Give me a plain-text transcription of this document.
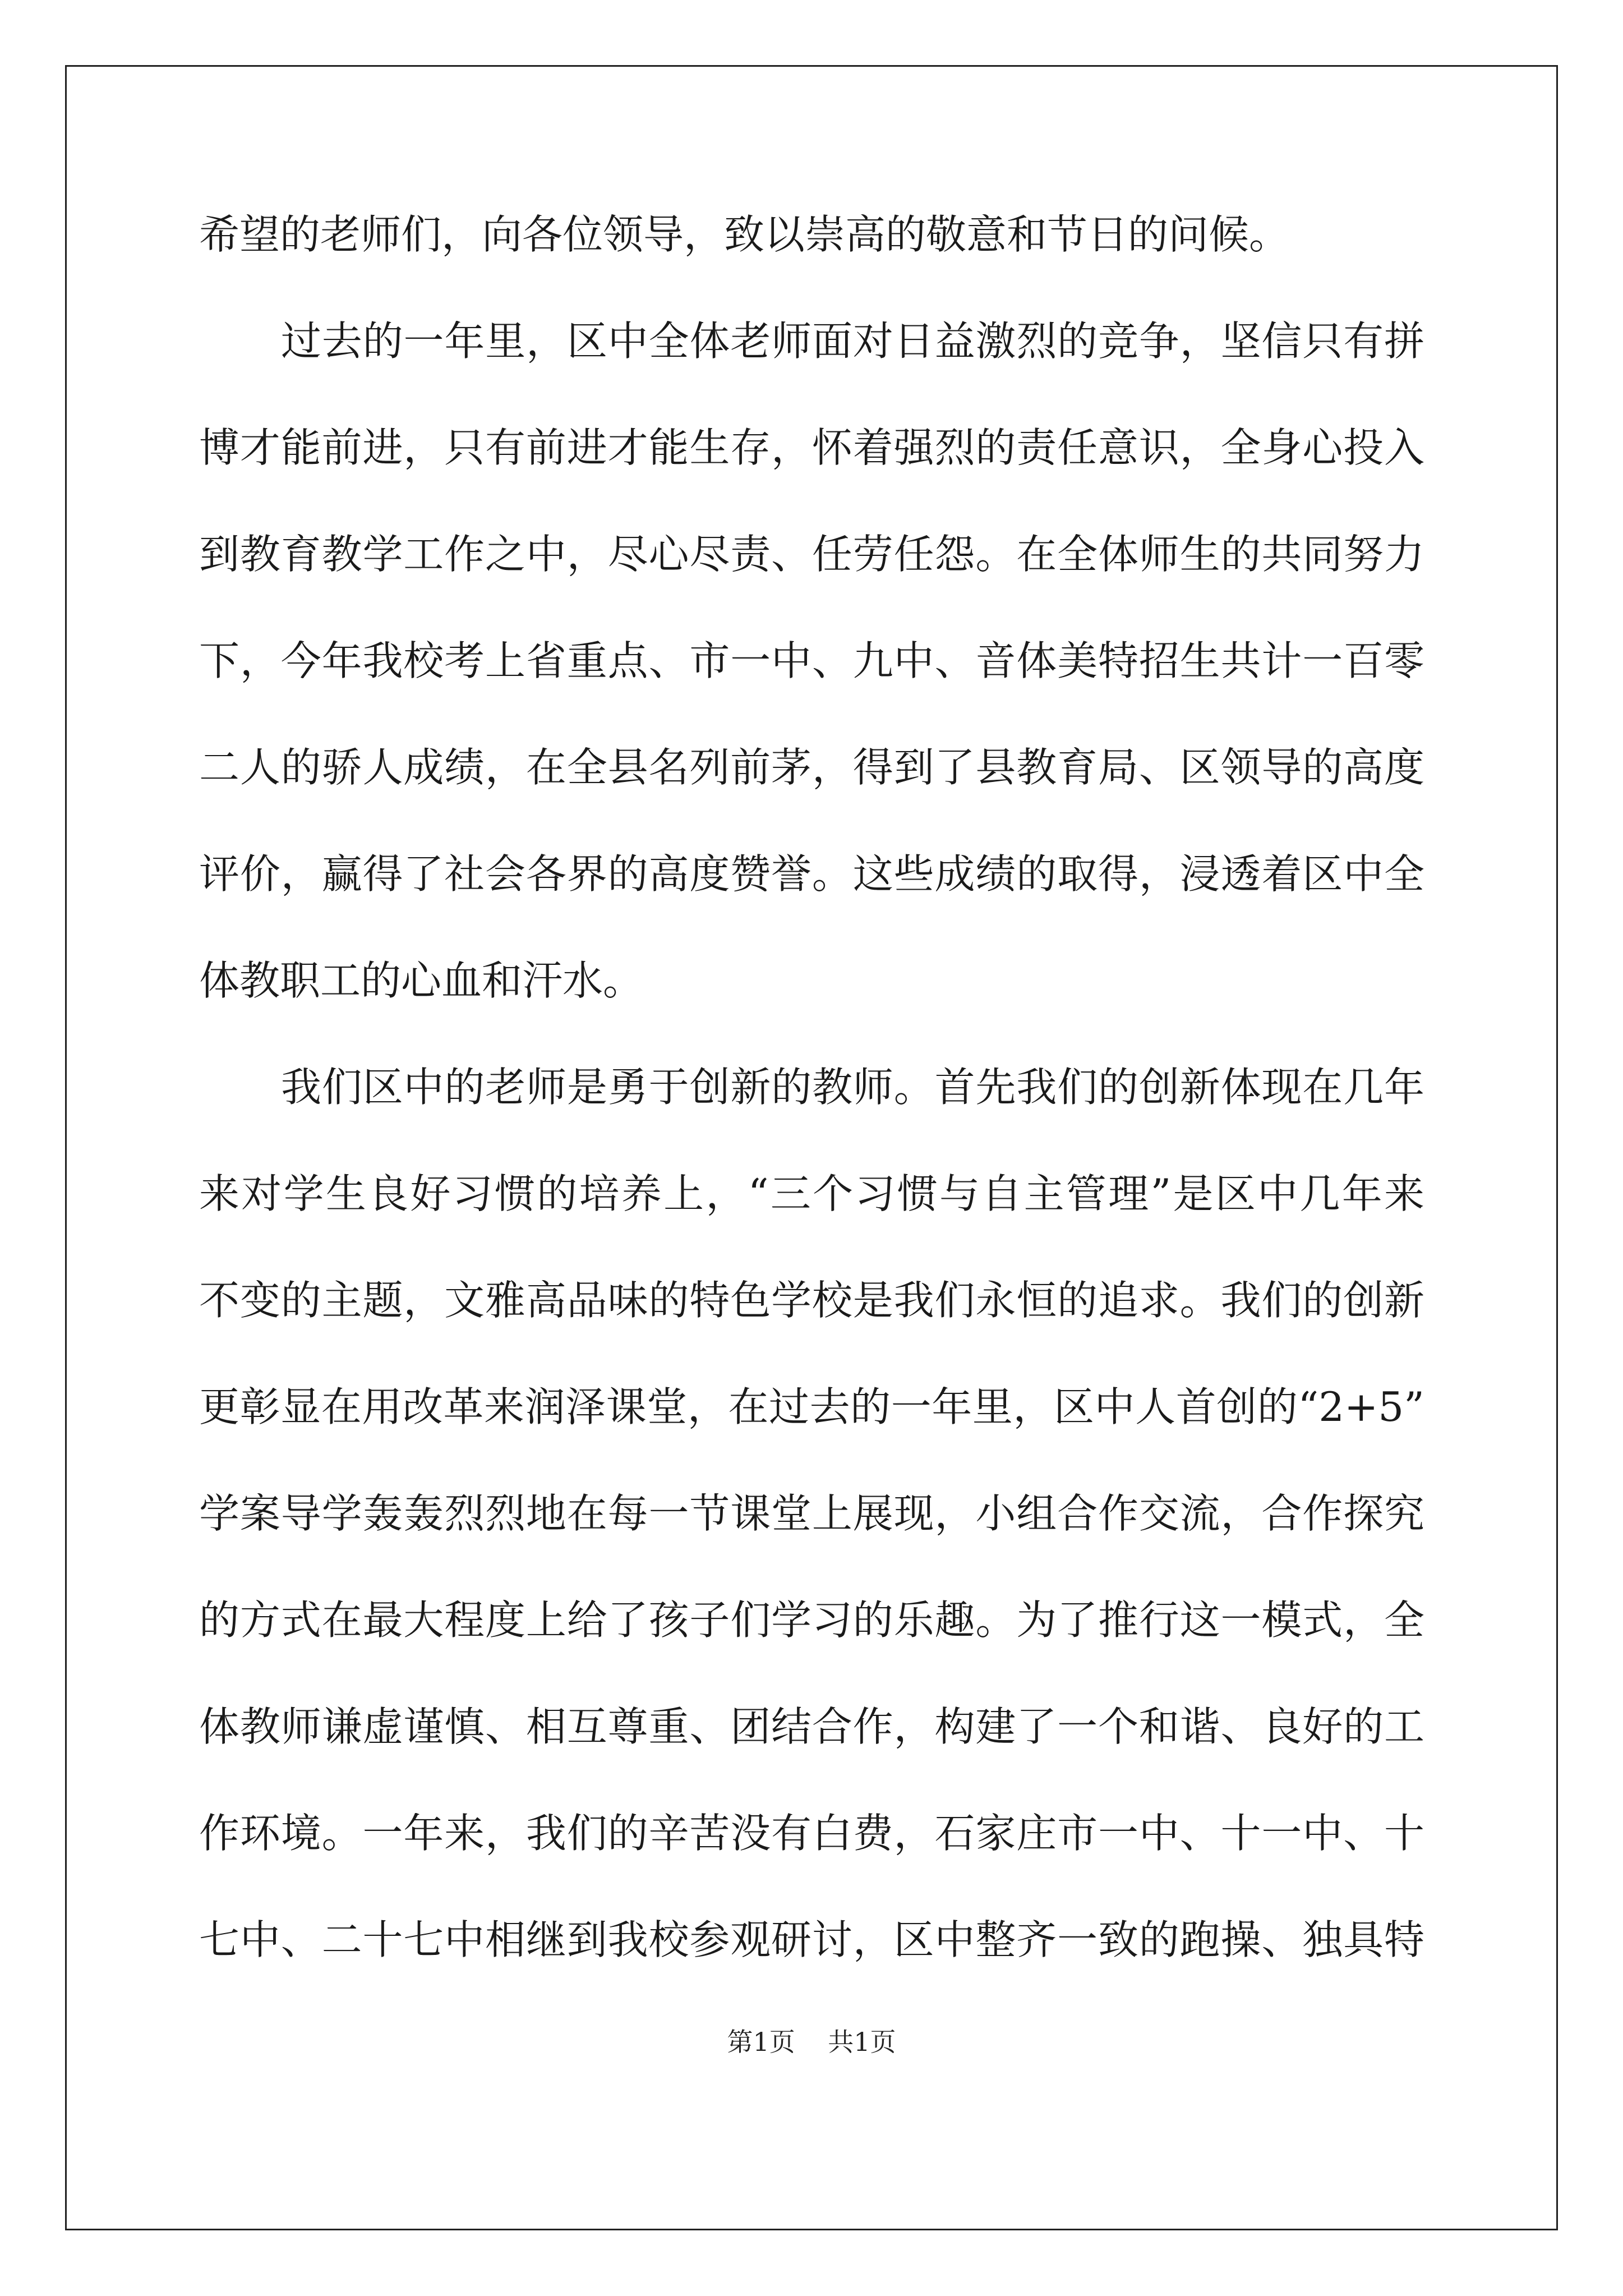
希望的老师们，向各位领导，致以崇高的敬意和节日的问候。
过去的一年里，区中全体老师面对日益激烈的竞争，坚信只有拼
博才能前进，只有前进才能生存，怀着强烈的责任意识，全身心投入
到教育教学工作之中，尽心尽责、任劳任怨。在全体师生的共同努力
下，今年我校考上省重点、市一中、九中、音体美特招生共计一百零
二人的骄人成绩，在全县名列前茅，得到了县教育局、区领导的高度
评价，赢得了社会各界的高度赞誉。这些成绩的取得，浸透着区中全
体教职工的心血和汗水。
我们区中的老师是勇于创新的教师。首先我们的创新体现在几年
来对学生良好习惯的培养上，“三个习惯与自主管理”是区中几年来
不变的主题，文雅高品味的特色学校是我们永恒的追求。我们的创新
更彰显在用改革来润泽课堂，在过去的一年里，区中人首创的“2+5”
学案导学轰轰烈烈地在每一节课堂上展现，小组合作交流，合作探究
的方式在最大程度上给了孩子们学习的乐趣。为了推行这一模式，全
体教师谦虚谨慎、相互尊重、团结合作，构建了一个和谐、良好的工
作环境。一年来，我们的辛苦没有白费，石家庄市一中、十一中、十
七中、二十七中相继到我校参观研讨，区中整齐一致的跑操、独具特
第1页 共1页
